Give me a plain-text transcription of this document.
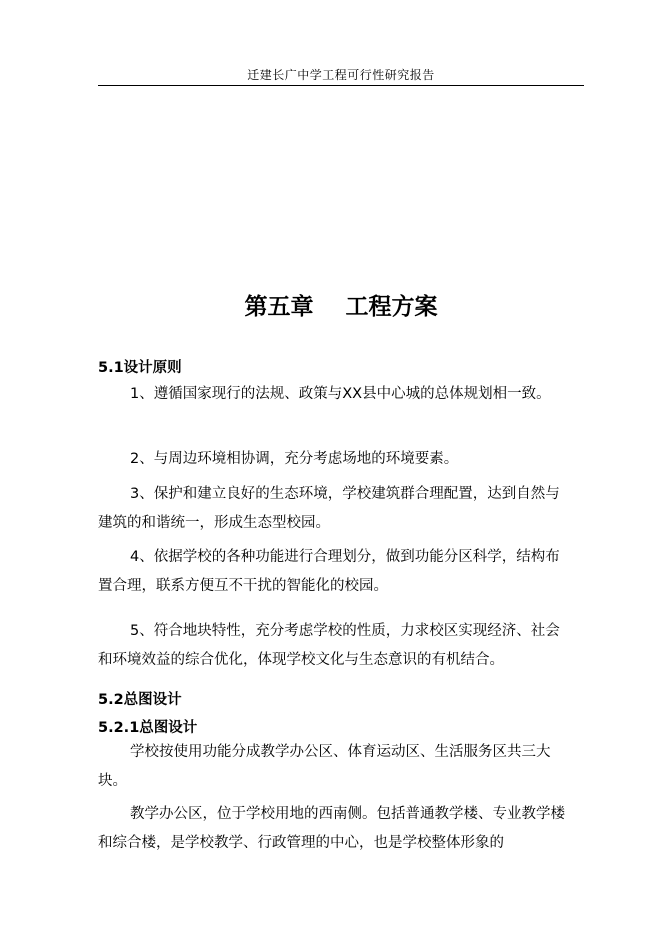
迁建长广中学工程可行性研究报告
第五章    工程方案
5.1设计原则

1、遵循国家现行的法规、政策与XX县中心城的总体规划相一致。

2、与周边环境相协调，充分考虑场地的环境要素。

3、保护和建立良好的生态环境，学校建筑群合理配置，达到自然与建筑的和谐统一，形成生态型校园。

4、依据学校的各种功能进行合理划分，做到功能分区科学，结构布置合理，联系方便互不干扰的智能化的校园。

5、符合地块特性，充分考虑学校的性质，力求校区实现经济、社会和环境效益的综合优化，体现学校文化与生态意识的有机结合。

5.2总图设计
5.2.1总图设计

学校按使用功能分成教学办公区、体育运动区、生活服务区共三大块。

教学办公区，位于学校用地的西南侧。包括普通教学楼、专业教学楼和综合楼，是学校教学、行政管理的中心，也是学校整体形象的
